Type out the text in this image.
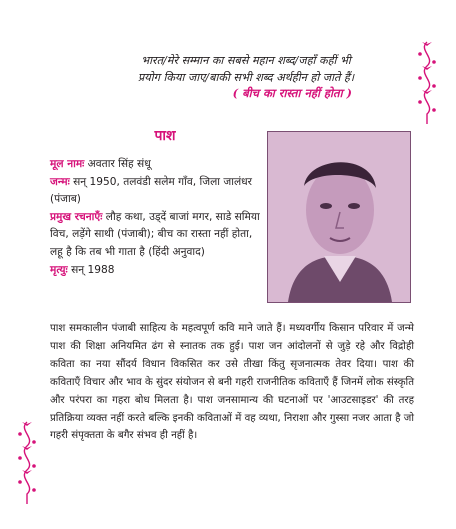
भारत/मेरे सम्मान का सबसे महान शब्द/जहाँ कहीं भी
प्रयोग किया जाए/बाकी सभी शब्द अर्थहीन हो जाते हैं।
( बीच का रास्ता नहीं होता )
पाश
मूल नामः अवतार सिंह संधू
जन्मः सन् 1950, तलवंडी सलेम गाँव, जिला जालंधर (पंजाब)
प्रमुख रचनाएँः लौह कथा, उड्दें बाजां मगर, साडे समिया विच, लड़ेंगे साथी (पंजाबी); बीच का रास्ता नहीं होता, लहू है कि तब भी गाता है (हिंदी अनुवाद)
मृत्युः सन् 1988
पाश समकालीन पंजाबी साहित्य के महत्वपूर्ण कवि माने जाते हैं। मध्यवर्गीय किसान परिवार में जन्मे पाश की शिक्षा अनियमित ढंग से स्नातक तक हुई। पाश जन आंदोलनों से जुड़े रहे और विद्रोही कविता का नया सौंदर्य विधान विकसित कर उसे तीखा किंतु सृजनात्मक तेवर दिया। पाश की कविताएँ विचार और भाव के सुंदर संयोजन से बनी गहरी राजनीतिक कविताएँ हैं जिनमें लोक संस्कृति और परंपरा का गहरा बोध मिलता है। पाश जनसामान्य की घटनाओं पर 'आउटसाइडर' की तरह प्रतिक्रिया व्यक्त नहीं करते बल्कि इनकी कविताओं में वह व्यथा, निराशा और गुस्सा नजर आता है जो गहरी संपृक्तता के बगैर संभव ही नहीं है।
